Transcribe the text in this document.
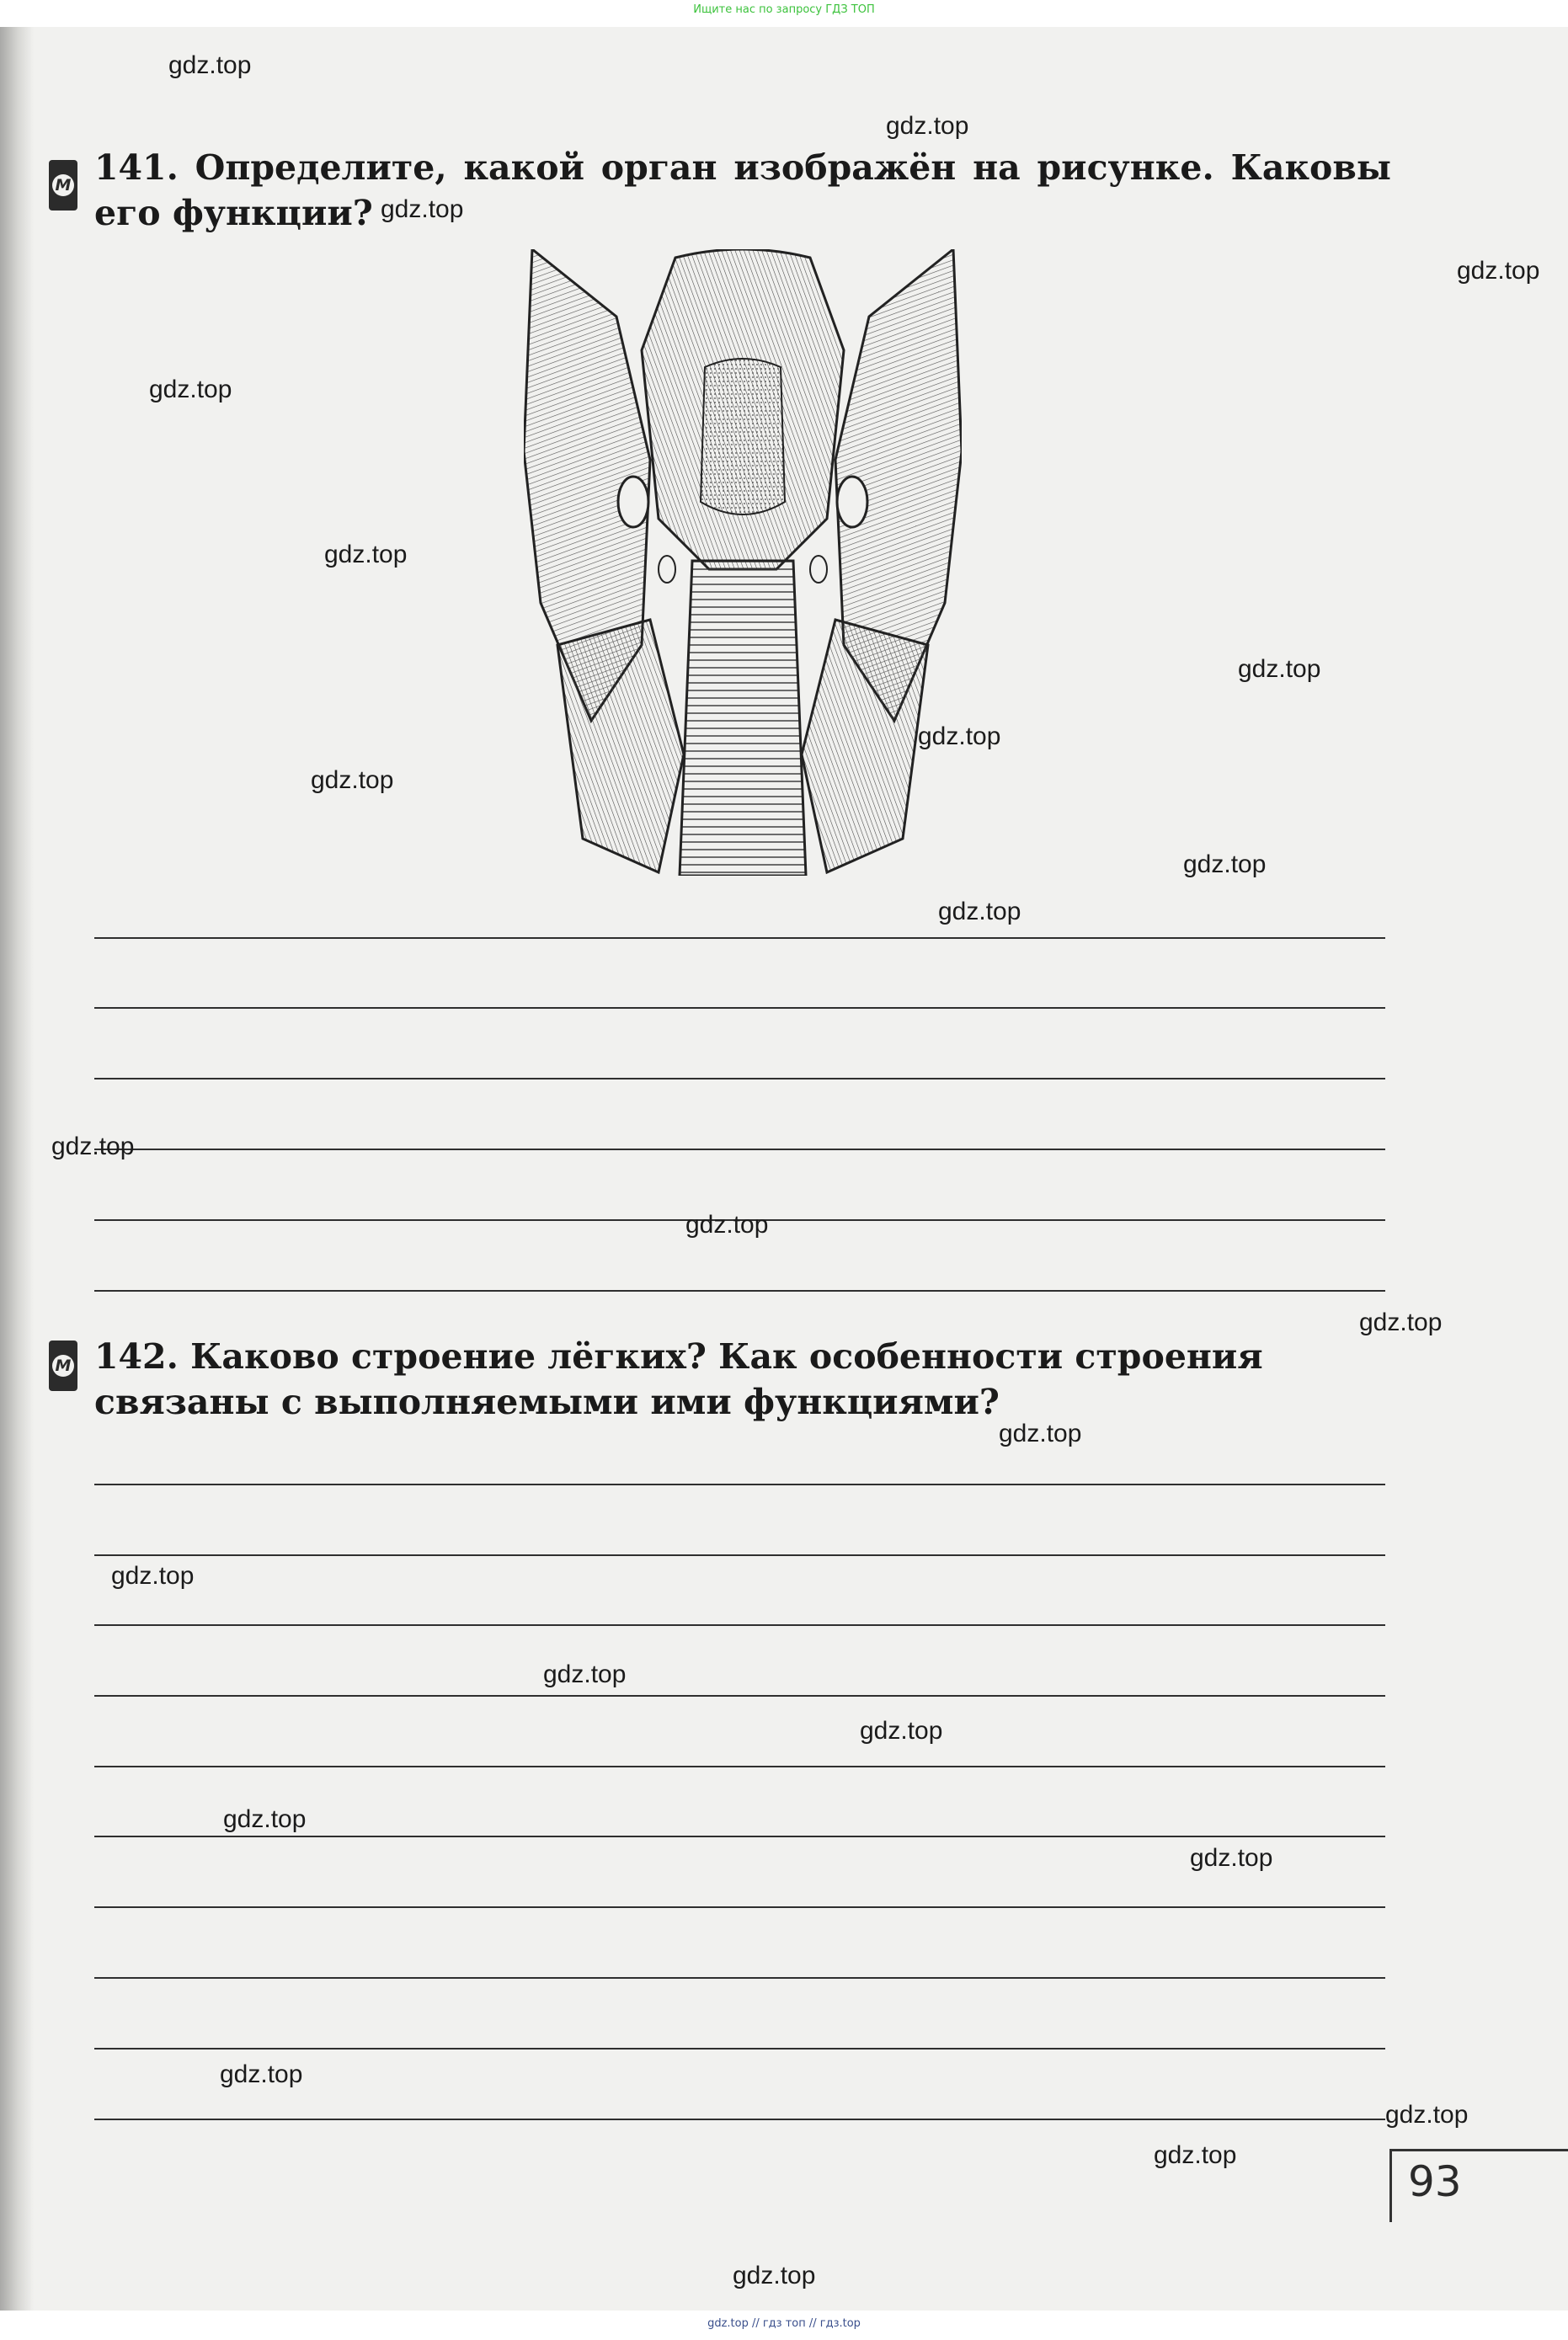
Ищите нас по запросу ГДЗ ТОП
М 141. Определите, какой орган изображён на рисунке. Каковы его функции?

М 142. Каково строение лёгких? Как особенности строения связаны с выполняемыми ими функциями?

93
gdz.top
gdz.top
gdz.top
gdz.top
gdz.top
gdz.top
gdz.top
gdz.top
gdz.top
gdz.top
gdz.top
gdz.top
gdz.top
gdz.top
gdz.top
gdz.top
gdz.top
gdz.top
gdz.top
gdz.top
gdz.top
gdz.top
gdz.top
gdz.top
gdz.top // гдз топ // гдз.top
